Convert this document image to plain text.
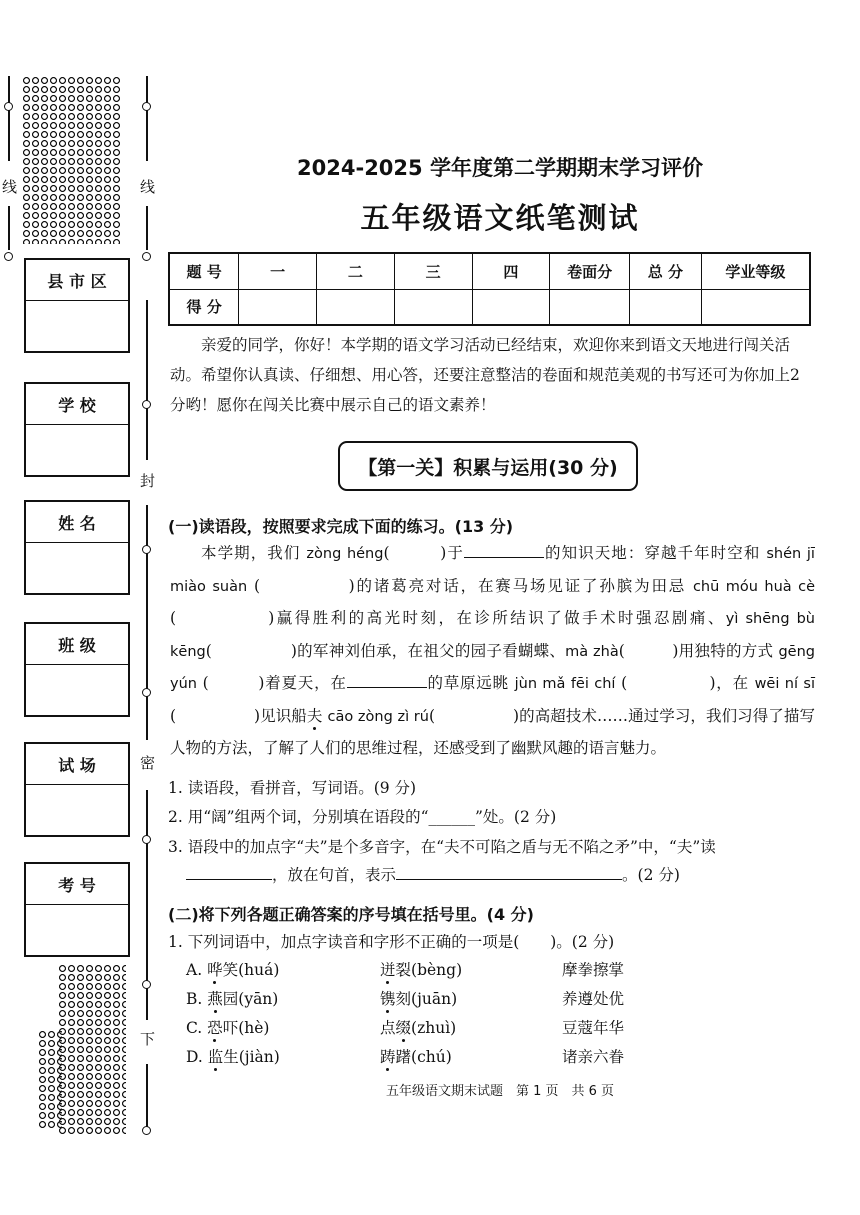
线	线
封
密
下
县 市 区
学 校
姓 名
班 级
试 场
考 号
2024-2025 学年度第二学期期末学习评价
五年级语文纸笔测试
题 号	一	二	三	四	卷面分	总 分	学业等级
得 分							
亲爱的同学，你好！本学期的语文学习活动已经结束，欢迎你来到语文天地进行闯关活动。希望你认真读、仔细想、用心答，还要注意整洁的卷面和规范美观的书写还可为你加上2分哟！愿你在闯关比赛中展示自己的语文素养！
【第一关】积累与运用(30 分)
(一)读语段，按照要求完成下面的练习。(13 分)
本学期，我们 zòng héng(　　　)于	的知识天地：穿越千年时空和 shén jī miào suàn (　　　　　)的诸葛亮对话，在赛马场见证了孙膑为田忌 chū móu huà cè (　　　　　)赢得胜利的高光时刻，在诊所结识了做手术时强忍剧痛、yì shēng bù kēng(　　　　　)的军神刘伯承，在祖父的园子看蝴蝶、mà zhà(　　　)用独特的方式 gēng yún (　　　)着夏天，在	的草原远眺 jùn mǎ fēi chí (　　　　　)，在 wēi ní sī (　　　　　)见识船夫 cāo zòng zì rú(　　　　　)的高超技术……通过学习，我们习得了描写人物的方法，了解了人们的思维过程，还感受到了幽默风趣的语言魅力。
1. 读语段，看拼音，写词语。(9 分)
2. 用“阔”组两个词，分别填在语段的“______”处。(2 分)
3. 语段中的加点字“夫”是个多音字，在“夫不可陷之盾与无不陷之矛”中，“夫”读
，放在句首，表示	。(2 分)
(二)将下列各题正确答案的序号填在括号里。(4 分)
1. 下列词语中，加点字读音和字形不正确的一项是(　　)。(2 分)
A. 哗笑(huá)	迸裂(bèng)	摩拳擦掌
B. 燕园(yān)	镌刻(juān)	养遵处优
C. 恐吓(hè)	点缀(zhuì)	豆蔻年华
D. 监生(jiàn)	踌躇(chú)	诸亲六眷
五年级语文期末试题　第 1 页　共 6 页
